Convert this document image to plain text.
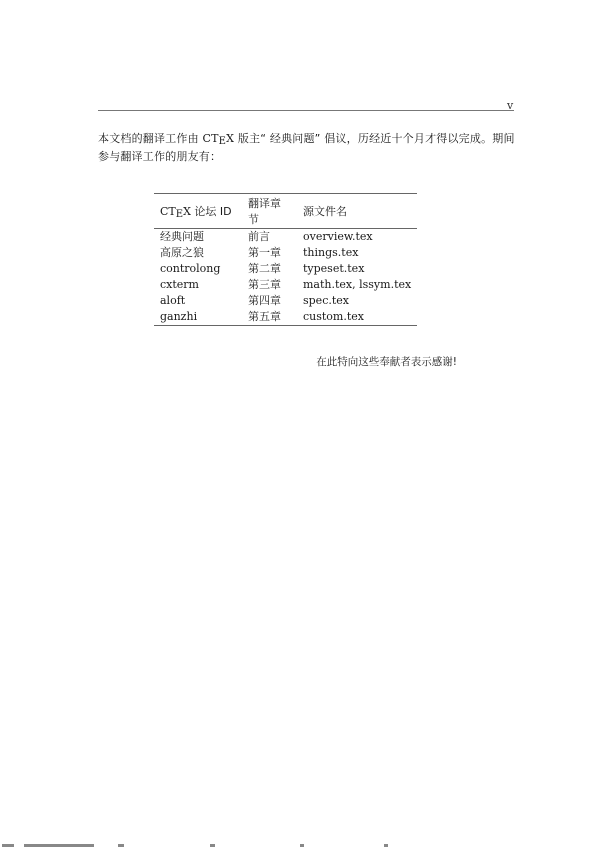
v

本文档的翻译工作由 CTEX 版主“ 经典问题” 倡议，历经近十个月才得以完成。期间参与翻译工作的朋友有：

CTEX 论坛 ID	翻译章节	源文件名
经典问题	前言	overview.tex
高原之狼	第一章	things.tex
controlong	第二章	typeset.tex
cxterm	第三章	math.tex, lssym.tex
aloft	第四章	spec.tex
ganzhi	第五章	custom.tex
在此特向这些奉献者表示感谢!
